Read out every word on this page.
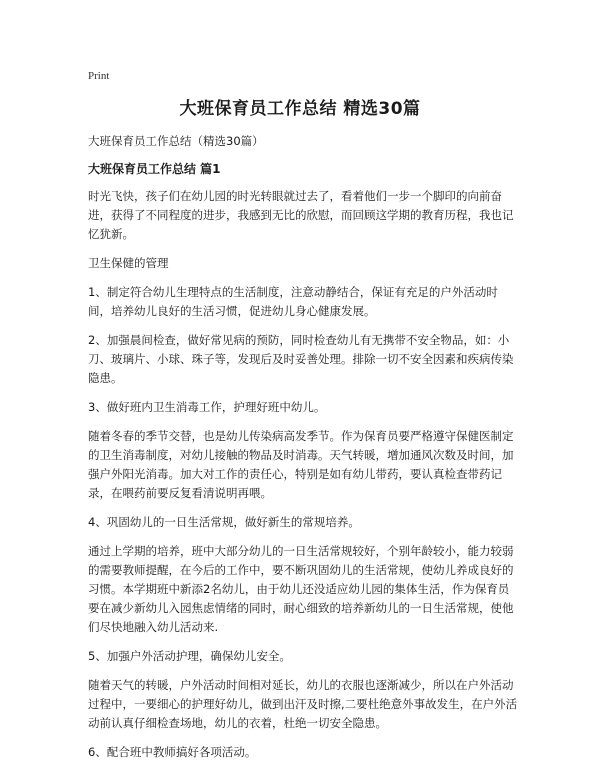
Print
大班保育员工作总结 精选30篇

大班保育员工作总结（精选30篇）

大班保育员工作总结 篇1

时光飞快，孩子们在幼儿园的时光转眼就过去了，看着他们一步一个脚印的向前奋进，获得了不同程度的进步，我感到无比的欣慰，而回顾这学期的教育历程，我也记忆犹新。

卫生保健的管理

1、制定符合幼儿生理特点的生活制度，注意动静结合，保证有充足的户外活动时间，培养幼儿良好的生活习惯，促进幼儿身心健康发展。

2、加强晨间检查，做好常见病的预防，同时检查幼儿有无携带不安全物品，如：小刀、玻璃片、小球、珠子等，发现后及时妥善处理。排除一切不安全因素和疾病传染隐患。

3、做好班内卫生消毒工作，护理好班中幼儿。

随着冬春的季节交替，也是幼儿传染病高发季节。作为保育员要严格遵守保健医制定的卫生消毒制度，对幼儿接触的物品及时消毒。天气转暖，增加通风次数及时间，加强户外阳光消毒。加大对工作的责任心，特别是如有幼儿带药，要认真检查带药记录，在喂药前要反复看清说明再喂。

4、巩固幼儿的一日生活常规，做好新生的常规培养。

通过上学期的培养，班中大部分幼儿的一日生活常规较好，个别年龄较小，能力较弱的需要教师提醒，在今后的工作中，要不断巩固幼儿的生活常规，使幼儿养成良好的习惯。本学期班中新添2名幼儿，由于幼儿还没适应幼儿园的集体生活，作为保育员要在减少新幼儿入园焦虑情绪的同时，耐心细致的培养新幼儿的一日生活常规，使他们尽快地融入幼儿活动来.

5、加强户外活动护理，确保幼儿安全。

随着天气的转暖，户外活动时间相对延长，幼儿的衣服也逐渐减少，所以在户外活动过程中，一要细心的护理好幼儿，做到出汗及时擦,二要杜绝意外事故发生，在户外活动前认真仔细检查场地，幼儿的衣着，杜绝一切安全隐患。

6、配合班中教师搞好各项活动。
